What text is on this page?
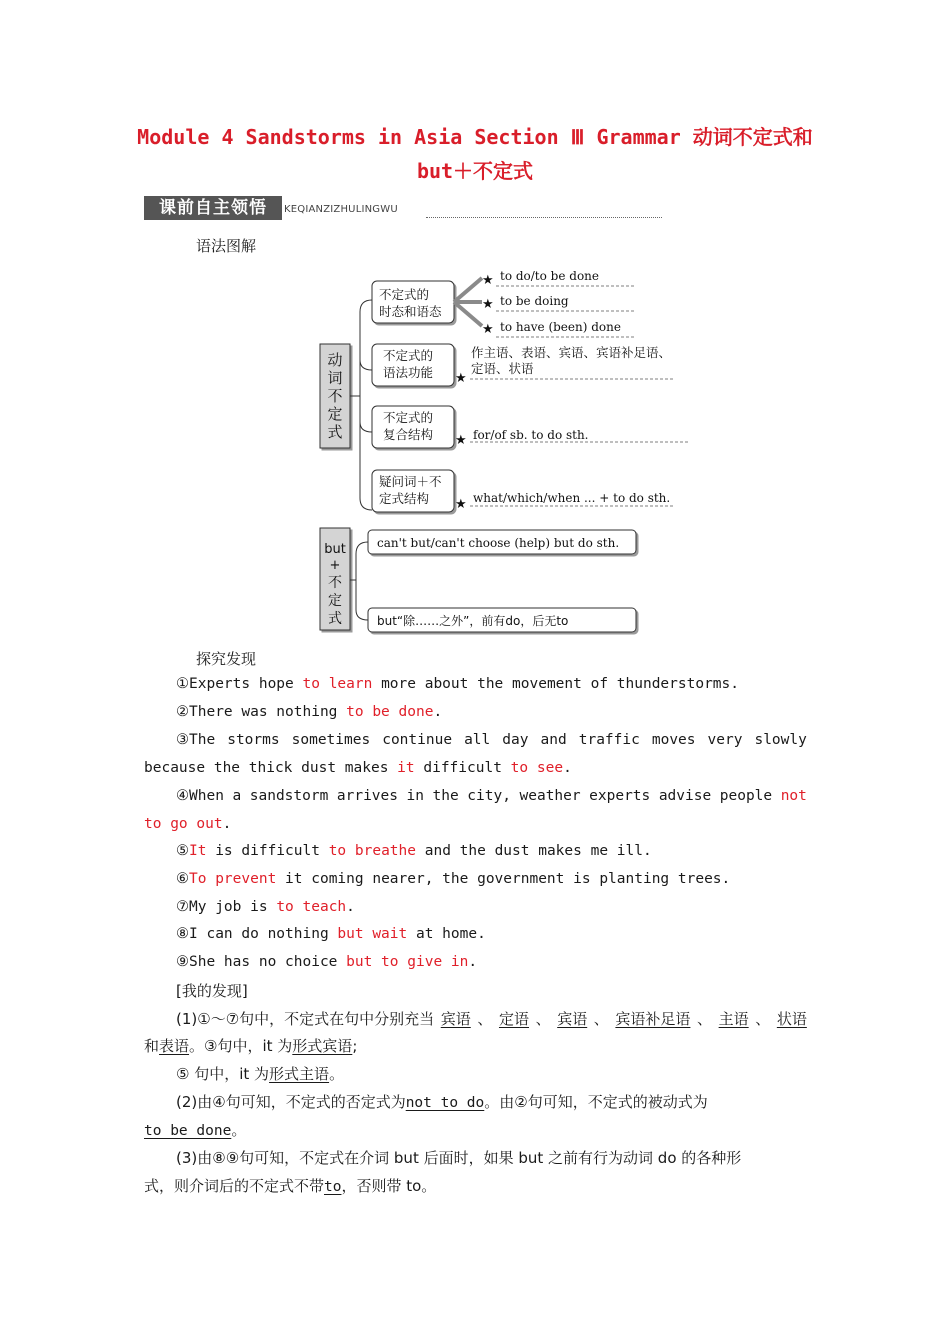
Module 4 Sandstorms in Asia Section Ⅲ Grammar 动词不定式和
but＋不定式
课前自主领悟	KEQIANZIZHULINGWU
语法图解
动
词
不
定
式
不定式的
时态和语态
不定式的
语法功能
不定式的
复合结构
疑问词＋不
定式结构
★
★
★
★
★
★
to do/to be done
to be doing
to have (been) done
作主语、表语、宾语、宾语补足语、
定语、状语
for/of sb. to do sth.
what/which/when ... + to do sth.
but
+
不
定
式
can't but/can't choose (help) but do sth.
but“除……之外”，前有do，后无to
探究发现
①Experts hope to learn more about the movement of thunderstorms.
②There was nothing to be done.
③The storms sometimes continue all day and traffic moves very slowly
because the thick dust makes it difficult to see.
④When a sandstorm arrives in the city, weather experts advise people not
to go out.
⑤It is difficult to breathe and the dust makes me ill.
⑥To prevent it coming nearer, the government is planting trees.
⑦My job is to teach.
⑧I can do nothing but wait at home.
⑨She has no choice but to give in.
[我的发现]
(1)①～⑦句中，不定式在句中分别充当 宾语 、 定语 、 宾语 、 宾语补足语 、 主语 、 状语
和表语。③句中，it 为形式宾语;
⑤ 句中，it 为形式主语。
(2)由④句可知，不定式的否定式为not to do。由②句可知，不定式的被动式为
to be done。
(3)由⑧⑨句可知，不定式在介词 but 后面时，如果 but 之前有行为动词 do 的各种形
式，则介词后的不定式不带to，否则带 to。
